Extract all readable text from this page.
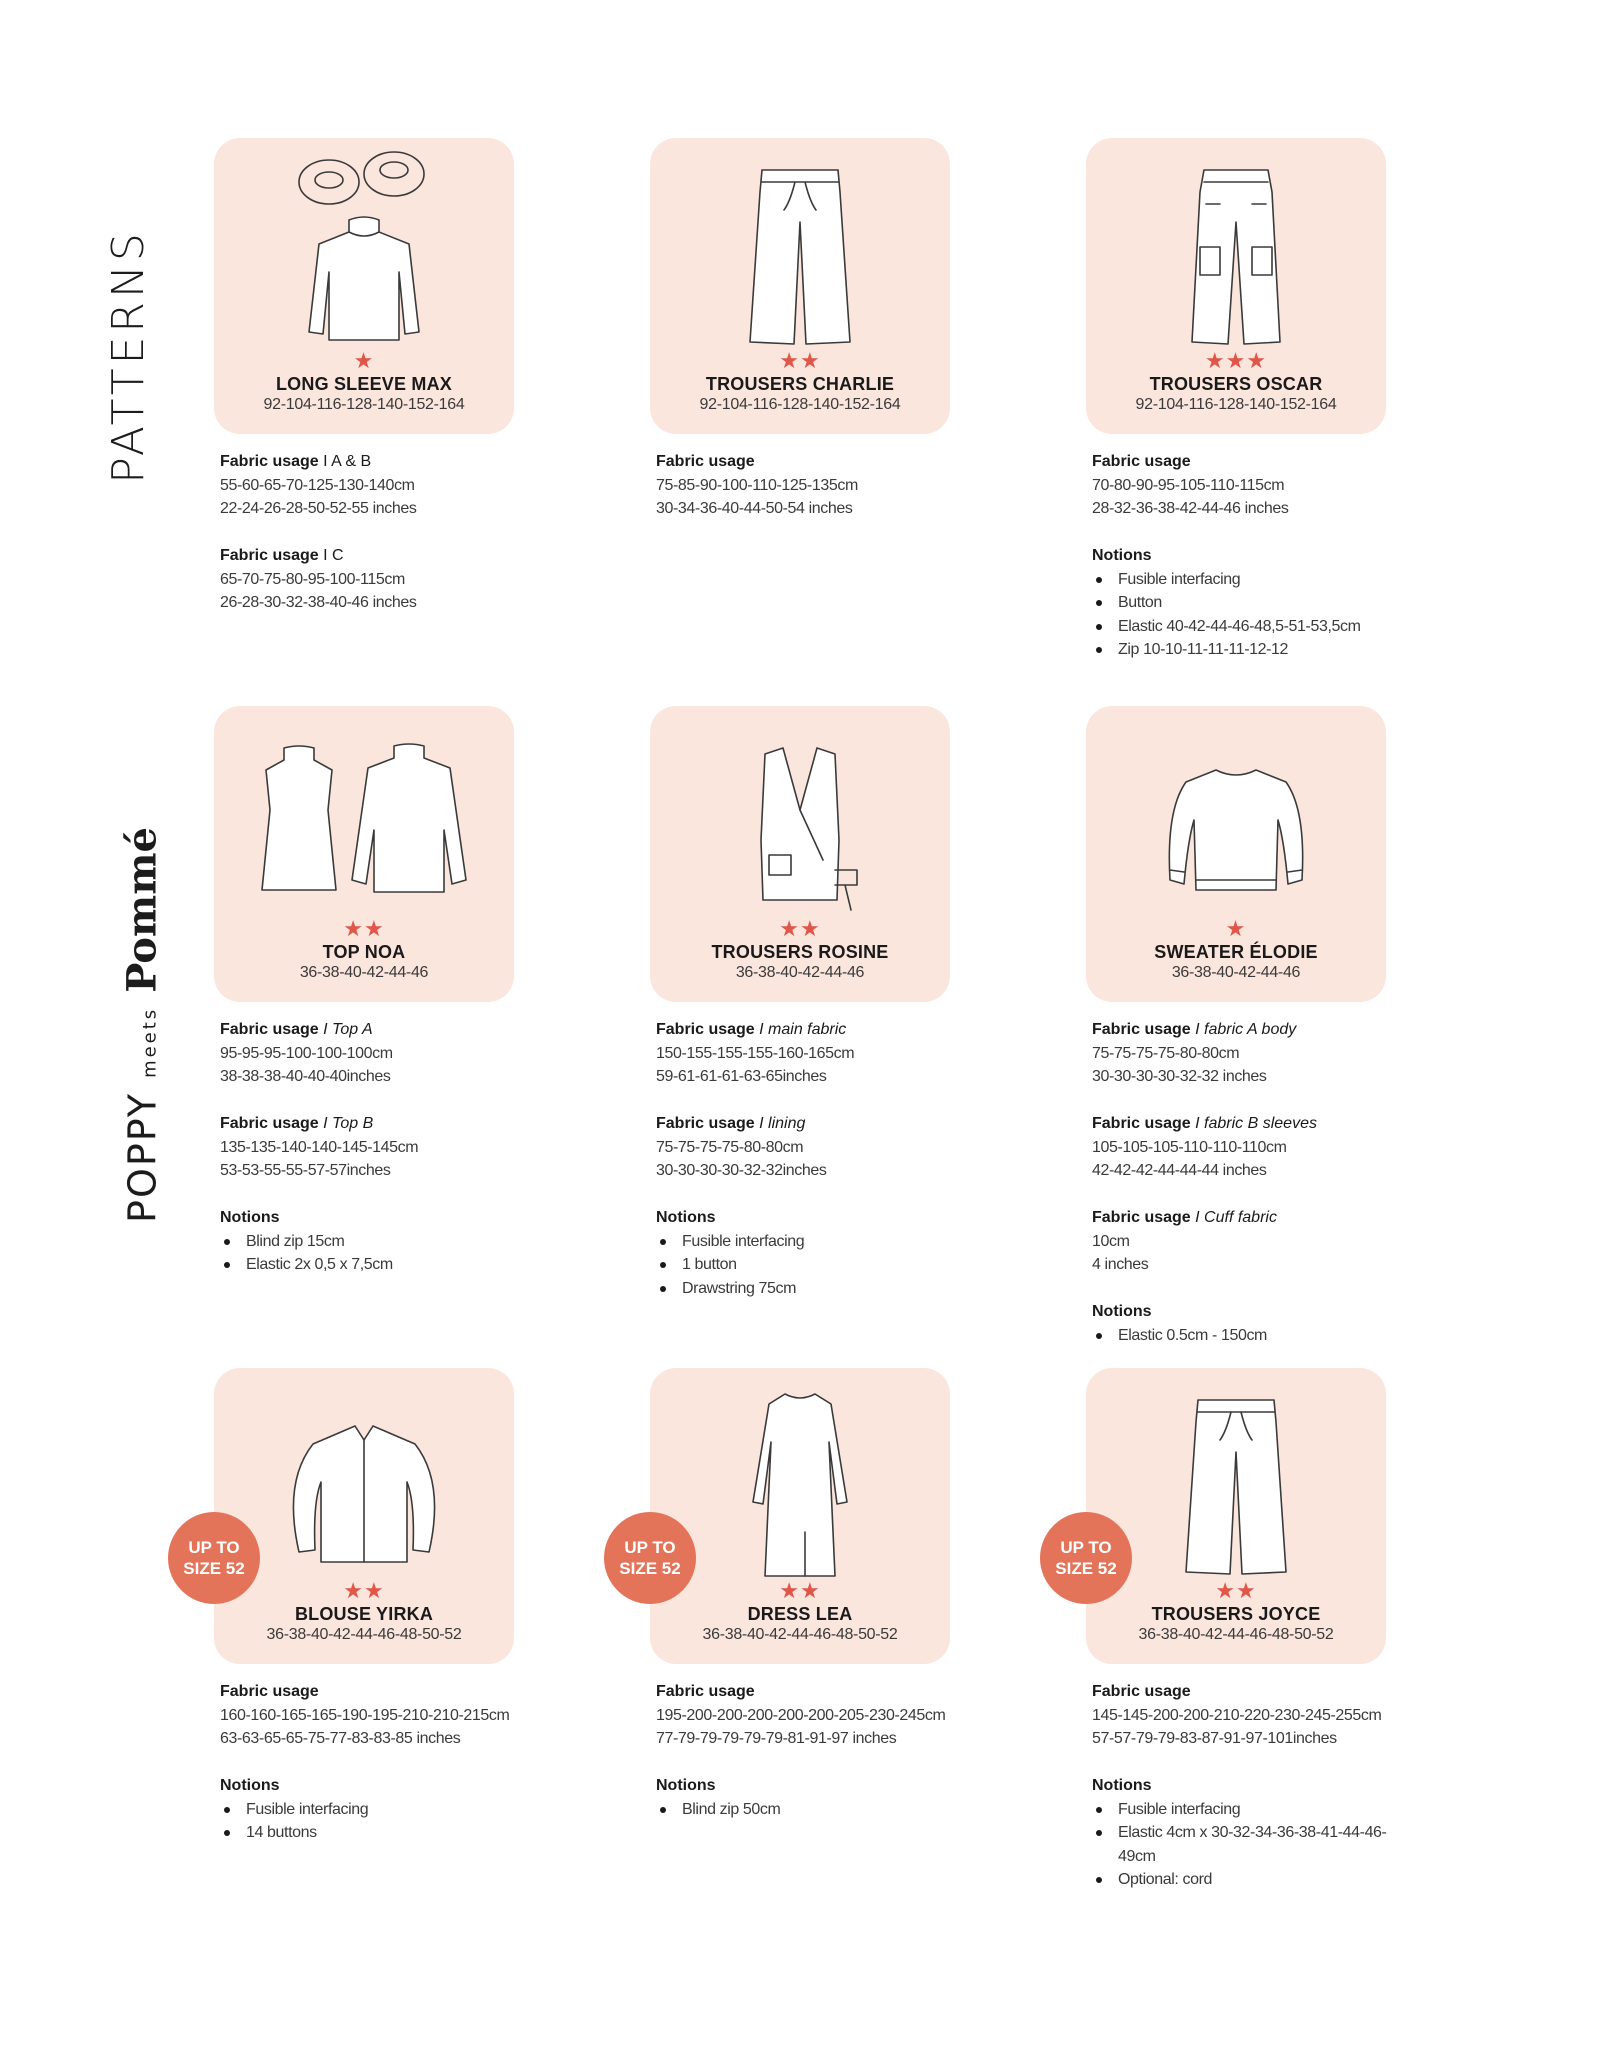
PATTERNS
POPPY
meets
Pommé
★
LONG SLEEVE MAX
92-104-116-128-140-152-164
Fabric usage I A & B
55-60-65-70-125-130-140cm
22-24-26-28-50-52-55 inches
Fabric usage I C
65-70-75-80-95-100-115cm
26-28-30-32-38-40-46 inches
★★
TROUSERS CHARLIE
92-104-116-128-140-152-164
Fabric usage
75-85-90-100-110-125-135cm
30-34-36-40-44-50-54 inches
★★★
TROUSERS OSCAR
92-104-116-128-140-152-164
Fabric usage
70-80-90-95-105-110-115cm
28-32-36-38-42-44-46 inches
Notions
Fusible interfacing
Button
Elastic 40-42-44-46-48,5-51-53,5cm
Zip 10-10-11-11-11-12-12
★★
TOP NOA
36-38-40-42-44-46
Fabric usage I Top A
95-95-95-100-100-100cm
38-38-38-40-40-40inches
Fabric usage I Top B
135-135-140-140-145-145cm
53-53-55-55-57-57inches
Notions
Blind zip 15cm
Elastic 2x 0,5 x 7,5cm
★★
TROUSERS ROSINE
36-38-40-42-44-46
Fabric usage I main fabric
150-155-155-155-160-165cm
59-61-61-61-63-65inches
Fabric usage I lining
75-75-75-75-80-80cm
30-30-30-30-32-32inches
Notions
Fusible interfacing
1 button
Drawstring 75cm
★
SWEATER ÉLODIE
36-38-40-42-44-46
Fabric usage I fabric A body
75-75-75-75-80-80cm
30-30-30-30-32-32 inches
Fabric usage I fabric B sleeves
105-105-105-110-110-110cm
42-42-42-44-44-44 inches
Fabric usage I Cuff fabric
10cm
4 inches
Notions
Elastic 0.5cm - 150cm
★★
BLOUSE YIRKA
36-38-40-42-44-46-48-50-52
UP TO
SIZE 52
Fabric usage
160-160-165-165-190-195-210-210-215cm
63-63-65-65-75-77-83-83-85 inches
Notions
Fusible interfacing
14 buttons
★★
DRESS LEA
36-38-40-42-44-46-48-50-52
UP TO
SIZE 52
Fabric usage
195-200-200-200-200-200-205-230-245cm
77-79-79-79-79-79-81-91-97 inches
Notions
Blind zip 50cm
★★
TROUSERS JOYCE
36-38-40-42-44-46-48-50-52
UP TO
SIZE 52
Fabric usage
145-145-200-200-210-220-230-245-255cm
57-57-79-79-83-87-91-97-101inches
Notions
Fusible interfacing
Elastic 4cm x 30-32-34-36-38-41-44-46-49cm
Optional: cord
